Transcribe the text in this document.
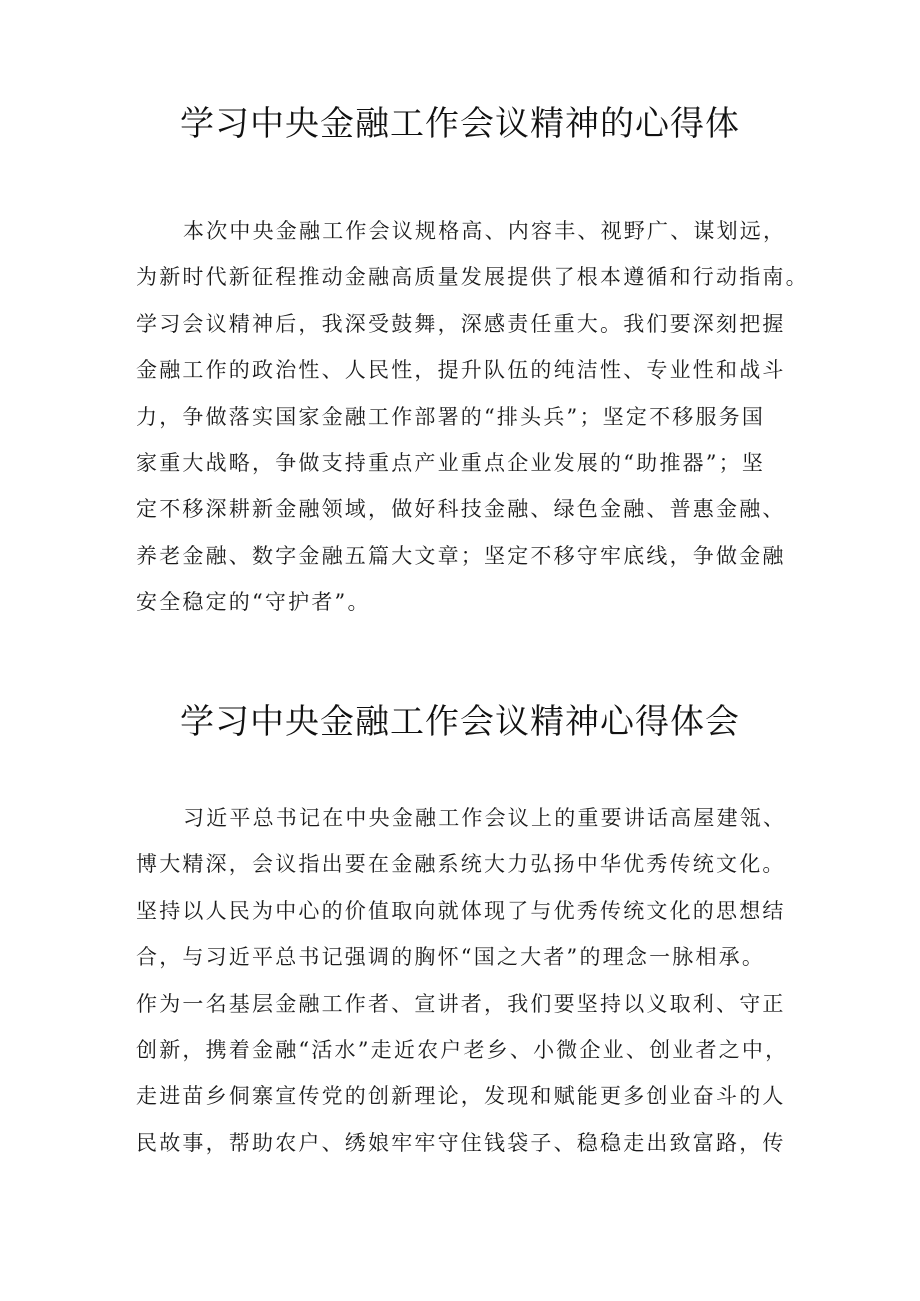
学习中央金融工作会议精神的心得体
本次中央金融工作会议规格高、内容丰、视野广、谋划远，
为新时代新征程推动金融高质量发展提供了根本遵循和行动指南。
学习会议精神后，我深受鼓舞，深感责任重大。我们要深刻把握
金融工作的政治性、人民性，提升队伍的纯洁性、专业性和战斗
力，争做落实国家金融工作部署的“排头兵”；坚定不移服务国
家重大战略，争做支持重点产业重点企业发展的“助推器”；坚
定不移深耕新金融领域，做好科技金融、绿色金融、普惠金融、
养老金融、数字金融五篇大文章；坚定不移守牢底线，争做金融
安全稳定的“守护者”。
学习中央金融工作会议精神心得体会
习近平总书记在中央金融工作会议上的重要讲话高屋建瓴、
博大精深，会议指出要在金融系统大力弘扬中华优秀传统文化。
坚持以人民为中心的价值取向就体现了与优秀传统文化的思想结
合，与习近平总书记强调的胸怀“国之大者”的理念一脉相承。
作为一名基层金融工作者、宣讲者，我们要坚持以义取利、守正
创新，携着金融“活水”走近农户老乡、小微企业、创业者之中，
走进苗乡侗寨宣传党的创新理论，发现和赋能更多创业奋斗的人
民故事，帮助农户、绣娘牢牢守住钱袋子、稳稳走出致富路，传
